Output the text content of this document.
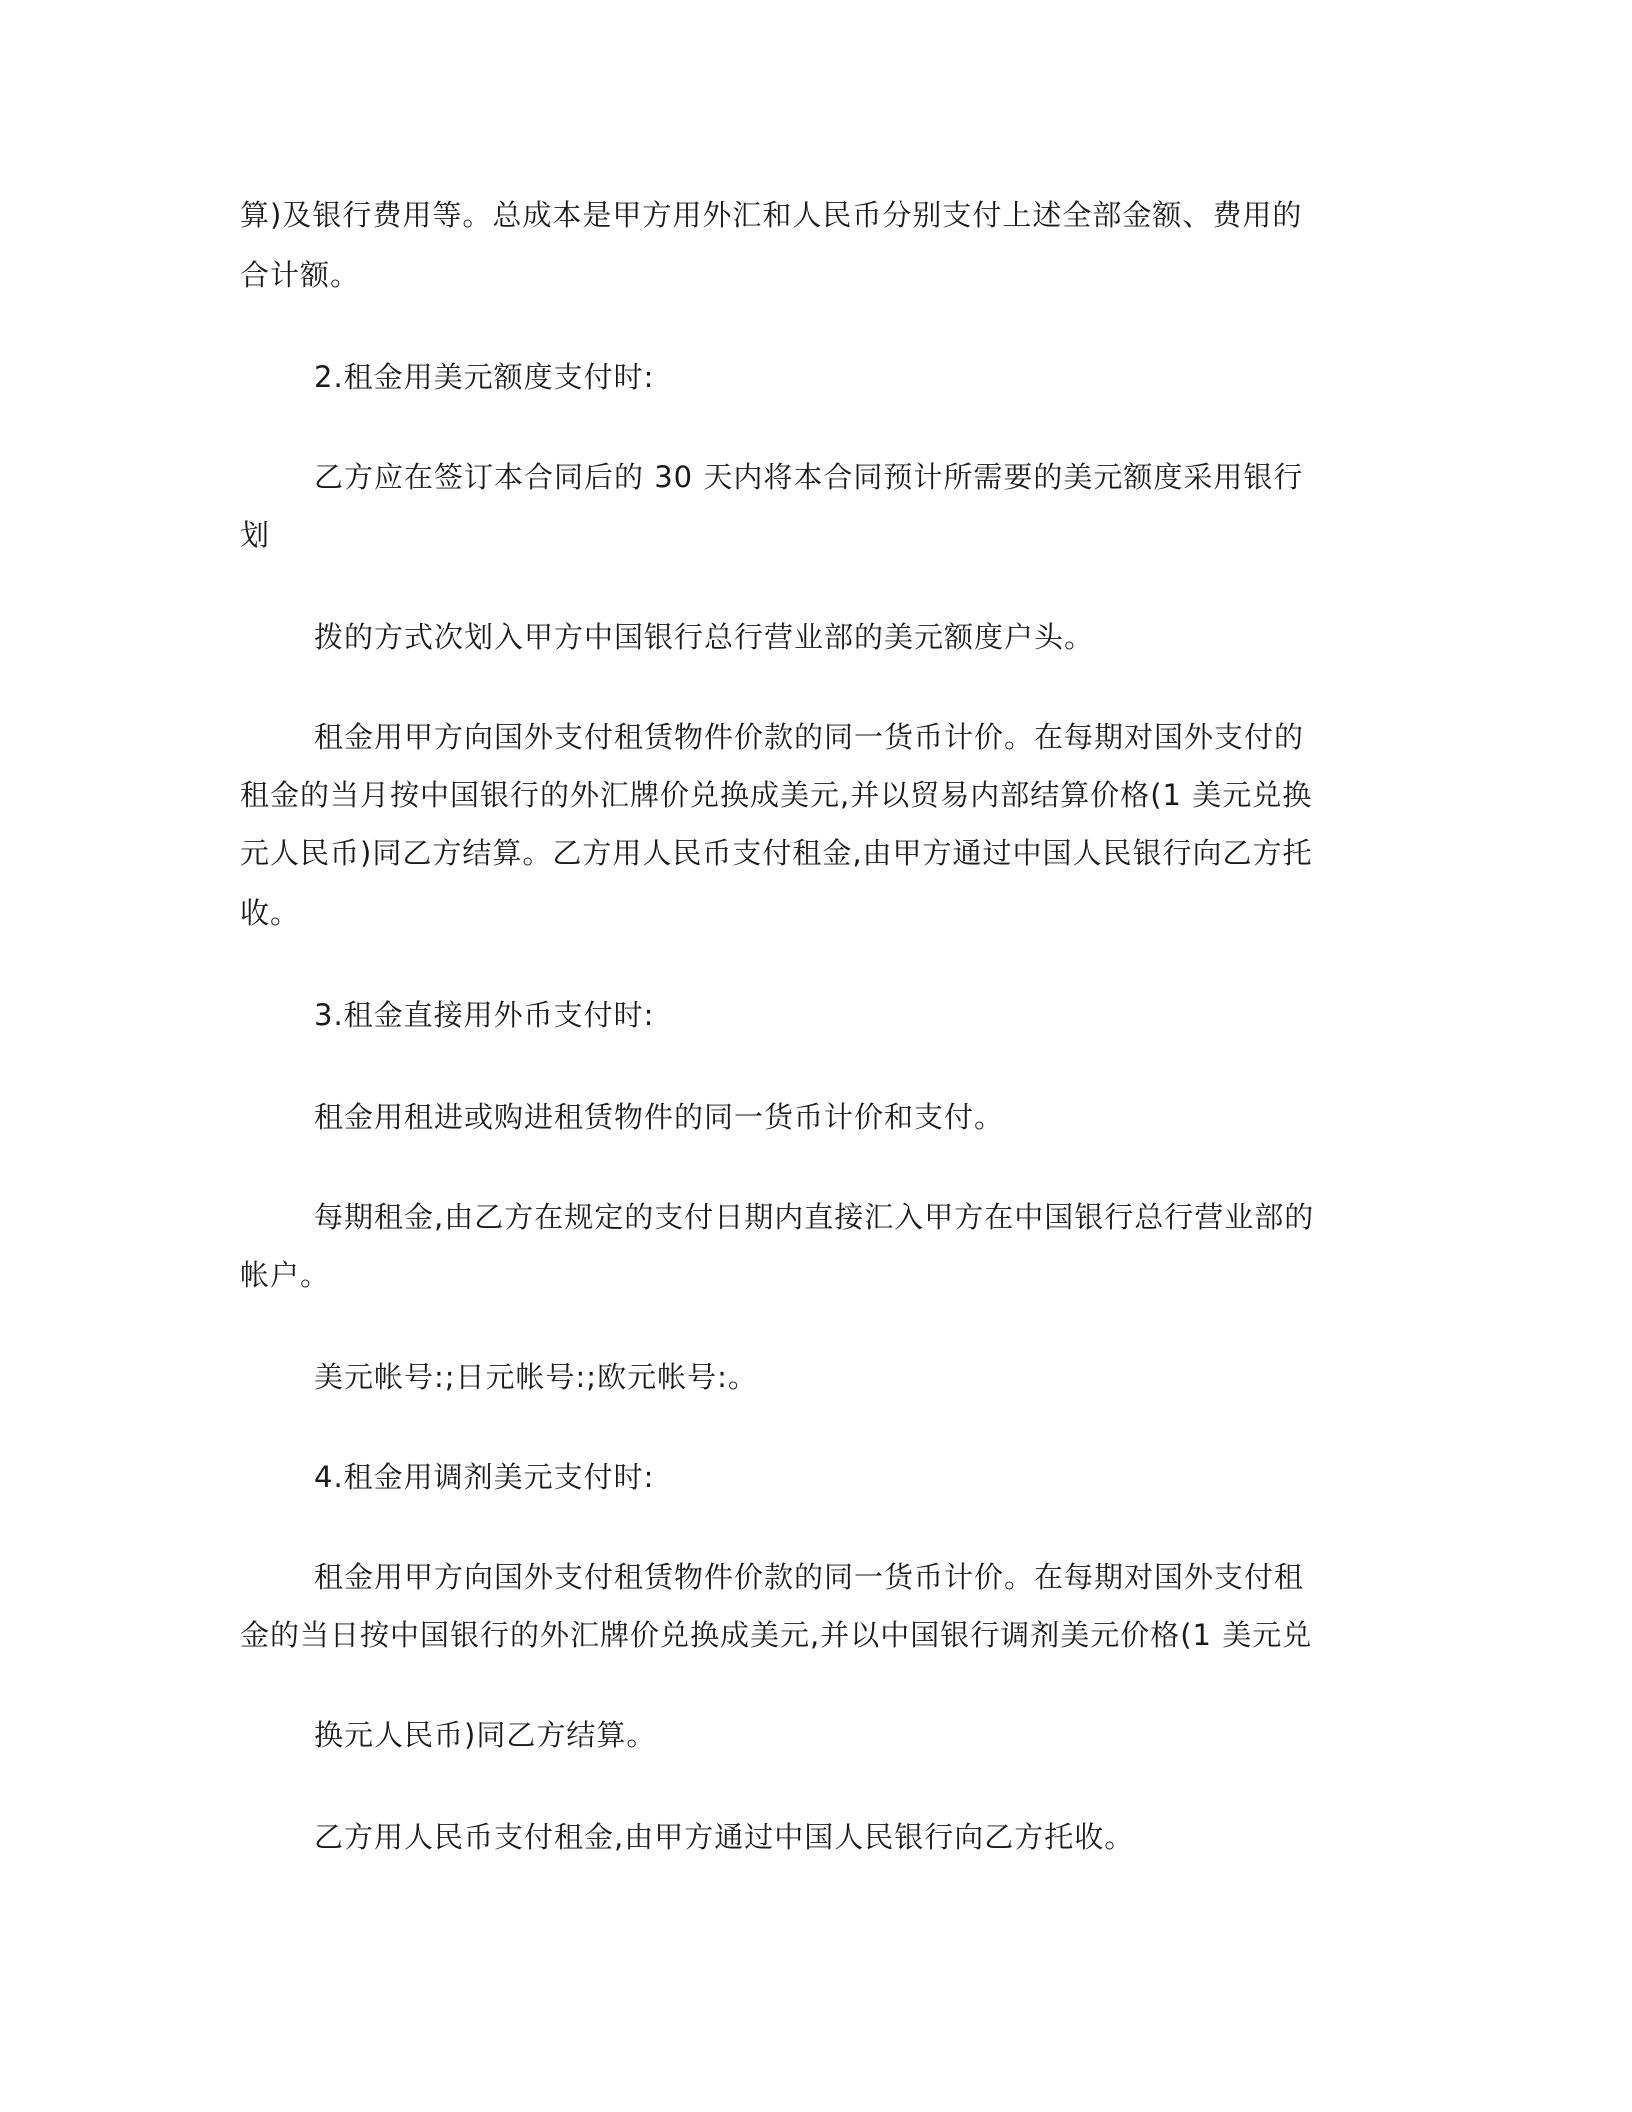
算)及银行费用等。总成本是甲方用外汇和人民币分别支付上述全部金额、费用的

合计额。

2.租金用美元额度支付时:

乙方应在签订本合同后的 30 天内将本合同预计所需要的美元额度采用银行

划

拨的方式次划入甲方中国银行总行营业部的美元额度户头。

租金用甲方向国外支付租赁物件价款的同一货币计价。在每期对国外支付的

租金的当月按中国银行的外汇牌价兑换成美元,并以贸易内部结算价格(1 美元兑换

元人民币)同乙方结算。乙方用人民币支付租金,由甲方通过中国人民银行向乙方托

收。

3.租金直接用外币支付时:

租金用租进或购进租赁物件的同一货币计价和支付。

每期租金,由乙方在规定的支付日期内直接汇入甲方在中国银行总行营业部的

帐户。

美元帐号:;日元帐号:;欧元帐号:。

4.租金用调剂美元支付时:

租金用甲方向国外支付租赁物件价款的同一货币计价。在每期对国外支付租

金的当日按中国银行的外汇牌价兑换成美元,并以中国银行调剂美元价格(1 美元兑

换元人民币)同乙方结算。

乙方用人民币支付租金,由甲方通过中国人民银行向乙方托收。
